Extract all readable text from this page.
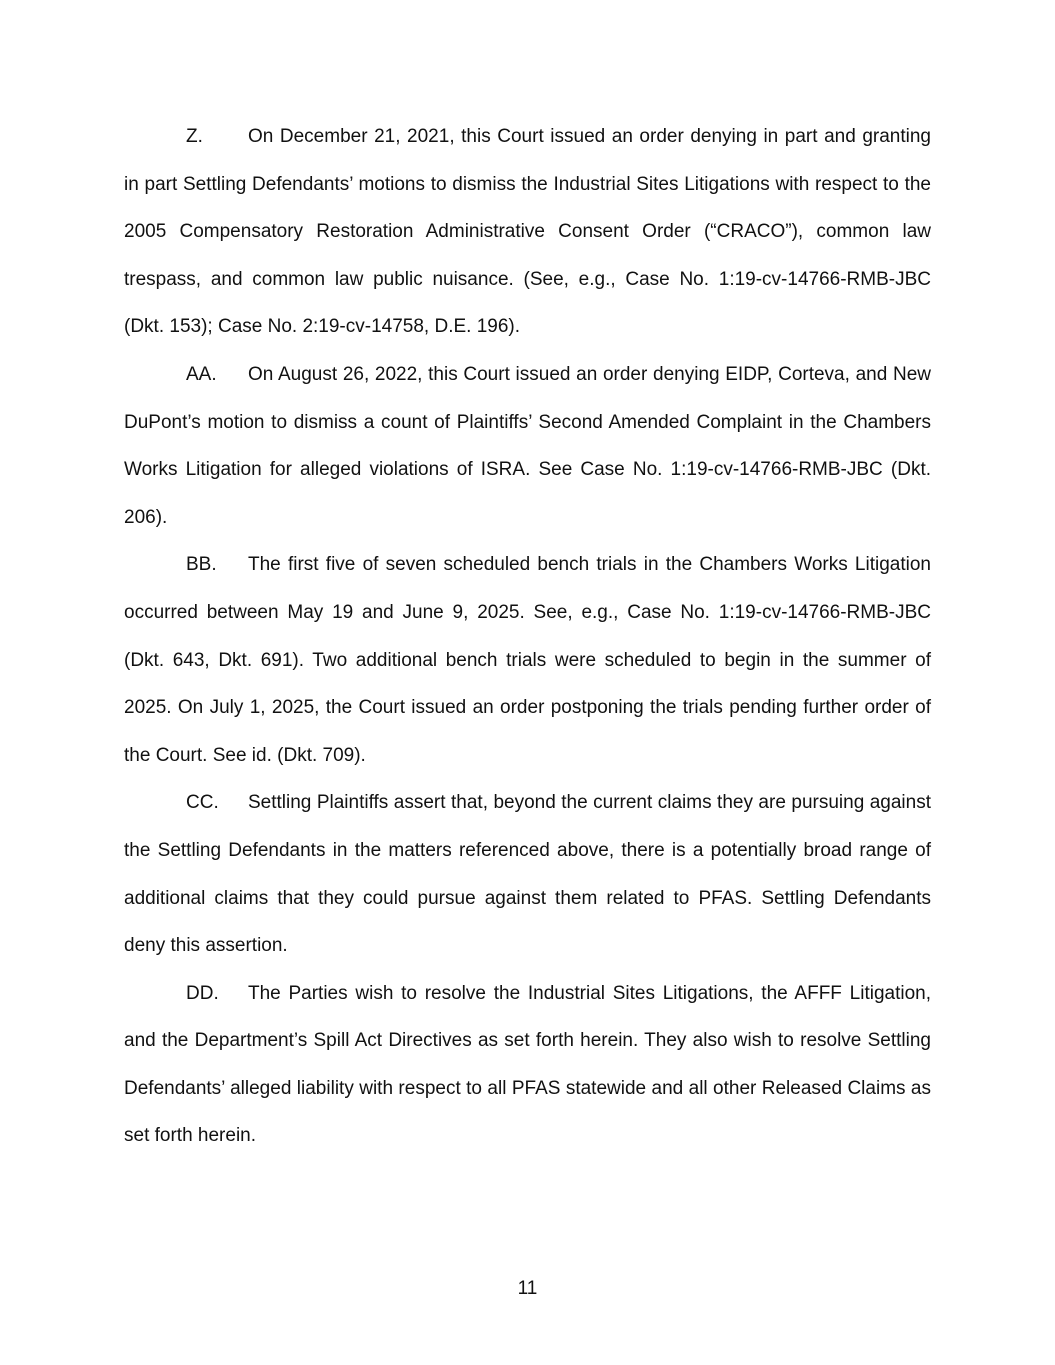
Z. On December 21, 2021, this Court issued an order denying in part and granting in part Settling Defendants’ motions to dismiss the Industrial Sites Litigations with respect to the 2005 Compensatory Restoration Administrative Consent Order (“CRACO”), common law trespass, and common law public nuisance. (See, e.g., Case No. 1:19-cv-14766-RMB-JBC (Dkt. 153); Case No. 2:19-cv-14758, D.E. 196).

AA. On August 26, 2022, this Court issued an order denying EIDP, Corteva, and New DuPont’s motion to dismiss a count of Plaintiffs’ Second Amended Complaint in the Chambers Works Litigation for alleged violations of ISRA. See Case No. 1:19-cv-14766-RMB-JBC (Dkt. 206).

BB. The first five of seven scheduled bench trials in the Chambers Works Litigation occurred between May 19 and June 9, 2025. See, e.g., Case No. 1:19-cv-14766-RMB-JBC (Dkt. 643, Dkt. 691). Two additional bench trials were scheduled to begin in the summer of 2025. On July 1, 2025, the Court issued an order postponing the trials pending further order of the Court. See id. (Dkt. 709).

CC. Settling Plaintiffs assert that, beyond the current claims they are pursuing against the Settling Defendants in the matters referenced above, there is a potentially broad range of additional claims that they could pursue against them related to PFAS. Settling Defendants deny this assertion.

DD. The Parties wish to resolve the Industrial Sites Litigations, the AFFF Litigation, and the Department’s Spill Act Directives as set forth herein. They also wish to resolve Settling Defendants’ alleged liability with respect to all PFAS statewide and all other Released Claims as set forth herein.

11
